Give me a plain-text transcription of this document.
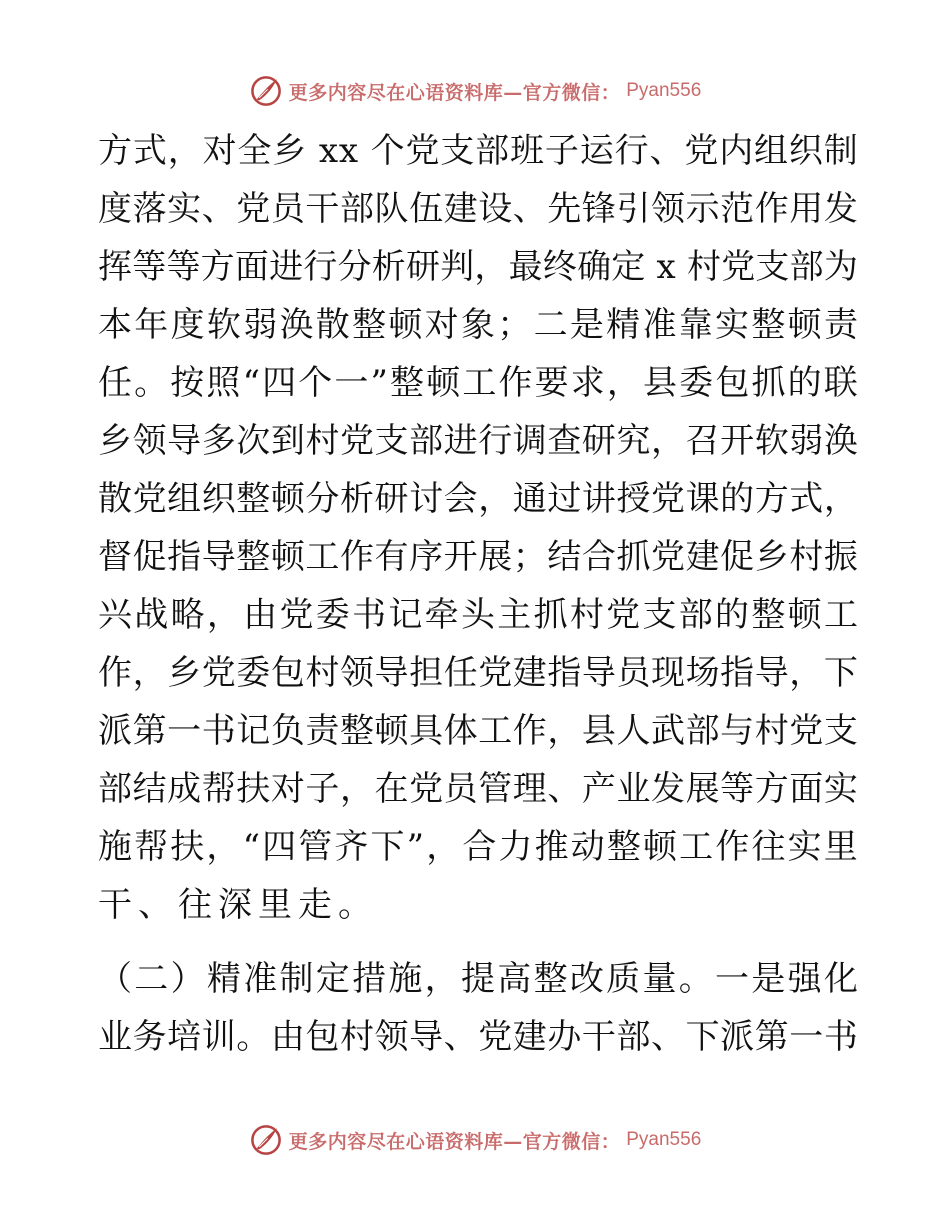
更多内容尽在心语资料库—官方微信： Pyan556
方 式 ， 对 全 乡
x x
个 党 支 部 班 子 运 行 、 党 内 组 织 制
度 落 实 、 党 员 干 部 队 伍 建 设 、 先 锋 引 领 示 范 作 用 发
挥 等 等 方 面 进 行 分 析 研 判 ， 最 终 确 定
x
村 党 支 部 为
本 年 度 软 弱 涣 散 整 顿 对 象 ； 二 是 精 准 靠 实 整 顿 责
任 。 按 照 “ 四 个 一 ” 整 顿 工 作 要 求 ， 县 委 包 抓 的 联
乡 领 导 多 次 到 村 党 支 部 进 行 调 查 研 究 ， 召 开 软 弱 涣
散 党 组 织 整 顿 分 析 研 讨 会 ， 通 过 讲 授 党 课 的 方 式 ，
督 促 指 导 整 顿 工 作 有 序 开 展 ； 结 合 抓 党 建 促 乡 村 振
兴 战 略 ， 由 党 委 书 记 牵 头 主 抓 村 党 支 部 的 整 顿 工
作 ， 乡 党 委 包 村 领 导 担 任 党 建 指 导 员 现 场 指 导 ， 下
派 第 一 书 记 负 责 整 顿 具 体 工 作 ， 县 人 武 部 与 村 党 支
部 结 成 帮 扶 对 子 ， 在 党 员 管 理 、 产 业 发 展 等 方 面 实
施 帮 扶 ， “ 四 管 齐 下 ” ， 合 力 推 动 整 顿 工 作 往 实 里
干、往深里走。
（ 二 ） 精 准 制 定 措 施 ， 提 高 整 改 质 量 。 一 是 强 化
业 务 培 训 。 由 包 村 领 导 、 党 建 办 干 部 、 下 派 第 一 书
更多内容尽在心语资料库—官方微信： Pyan556
